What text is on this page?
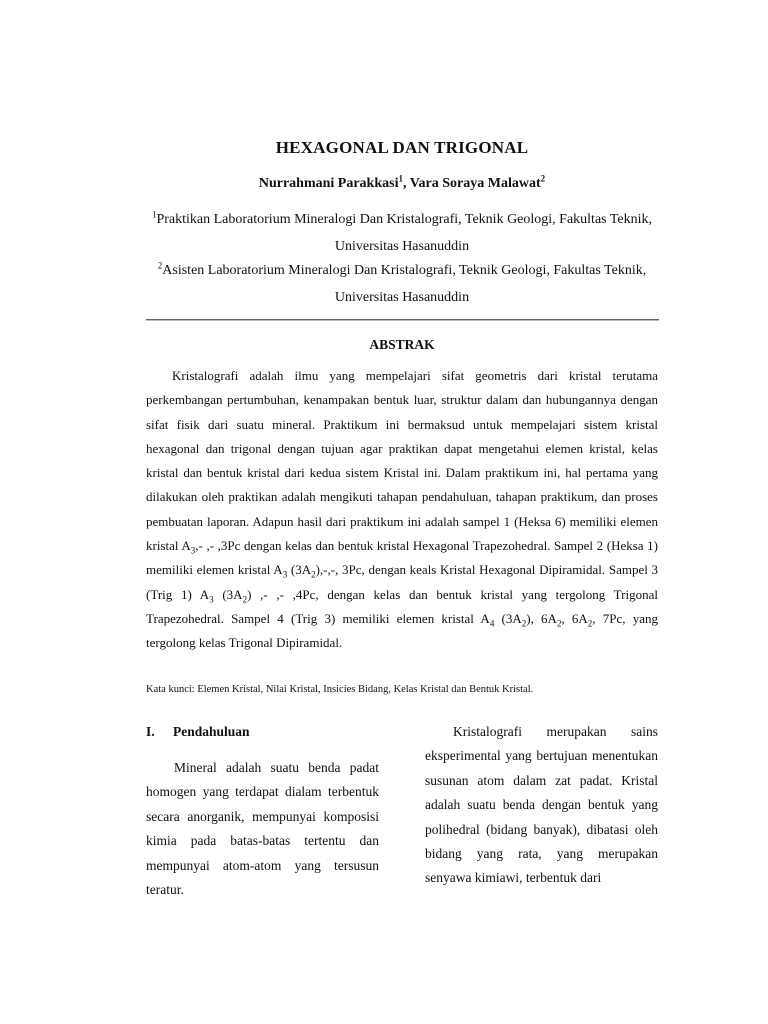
HEXAGONAL DAN TRIGONAL
Nurrahmani Parakkasi$^1$, Vara Soraya Malawat$^2$
$^1$Praktikan Laboratorium Mineralogi Dan Kristalografi, Teknik Geologi, Fakultas Teknik, Universitas Hasanuddin
$^2$Asisten Laboratorium Mineralogi Dan Kristalografi, Teknik Geologi, Fakultas Teknik, Universitas Hasanuddin
ABSTRAK
Kristalografi adalah ilmu yang mempelajari sifat geometris dari kristal terutama perkembangan pertumbuhan, kenampakan bentuk luar, struktur dalam dan hubungannya dengan sifat fisik dari suatu mineral. Praktikum ini bermaksud untuk mempelajari sistem kristal hexagonal dan trigonal dengan tujuan agar praktikan dapat mengetahui elemen kristal, kelas kristal dan bentuk kristal dari kedua sistem Kristal ini. Dalam praktikum ini, hal pertama yang dilakukan oleh praktikan adalah mengikuti tahapan pendahuluan, tahapan praktikum, dan proses pembuatan laporan. Adapun hasil dari praktikum ini adalah sampel 1 (Heksa 6) memiliki elemen kristal $A_3,-$ ,- ,3Pc dengan kelas dan bentuk kristal Hexagonal Trapezohedral. Sampel 2 (Heksa 1) memiliki elemen kristal $A_3$ $(3A_2),-,-$, 3Pc, dengan keals Kristal Hexagonal Dipiramidal. Sampel 3 (Trig 1) $A_3$ $(3A_2)$ ,- ,- ,4Pc, dengan kelas dan bentuk kristal yang tergolong Trigonal Trapezohedral. Sampel 4 (Trig 3) memiliki elemen kristal $A_4$ $(3A_2)$, $6A_2$, $6A_2$, 7Pc, yang tergolong kelas Trigonal Dipiramidal.
Kata kunci: Elemen Kristal, Nilai Kristal, Insicies Bidang, Kelas Kristal dan Bentuk Kristal.
I. Pendahuluan
Mineral adalah suatu benda padat homogen yang terdapat dialam terbentuk secara anorganik, mempunyai komposisi kimia pada batas-batas tertentu dan mempunyai atom-atom yang tersusun teratur.
Kristalografi merupakan sains eksperimental yang bertujuan menentukan susunan atom dalam zat padat. Kristal adalah suatu benda dengan bentuk yang polihedral (bidang banyak), dibatasi oleh bidang yang rata, yang merupakan senyawa kimiawi, terbentuk dari
